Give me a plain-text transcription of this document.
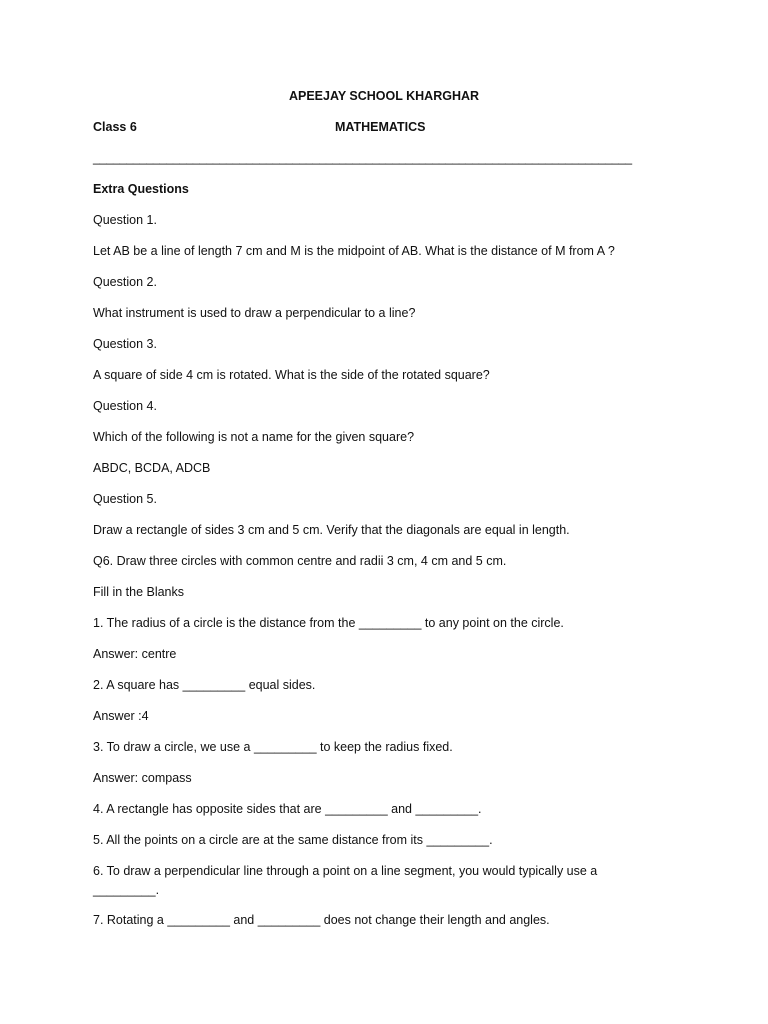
APEEJAY SCHOOL KHARGHAR
Class 6	MATHEMATICS
_________________________________________________________________________________
Extra Questions
Question 1.
Let AB be a line of length 7 cm and M is the midpoint of AB. What is the distance of M from A ?
Question 2.
What instrument is used to draw a perpendicular to a line?
Question 3.
A square of side 4 cm is rotated. What is the side of the rotated square?
Question 4.
Which of the following is not a name for the given square?
ABDC, BCDA, ADCB
Question 5.
Draw a rectangle of sides 3 cm and 5 cm. Verify that the diagonals are equal in length.
Q6. Draw three circles with common centre and radii 3 cm, 4 cm and 5 cm.
Fill in the Blanks
1. The radius of a circle is the distance from the _________ to any point on the circle.
Answer: centre
2. A square has _________ equal sides.
Answer :4
3. To draw a circle, we use a _________ to keep the radius fixed.
Answer: compass
4. A rectangle has opposite sides that are _________ and _________.
5. All the points on a circle are at the same distance from its _________.
6. To draw a perpendicular line through a point on a line segment, you would typically use a
_________.
7. Rotating a _________ and _________ does not change their length and angles.
